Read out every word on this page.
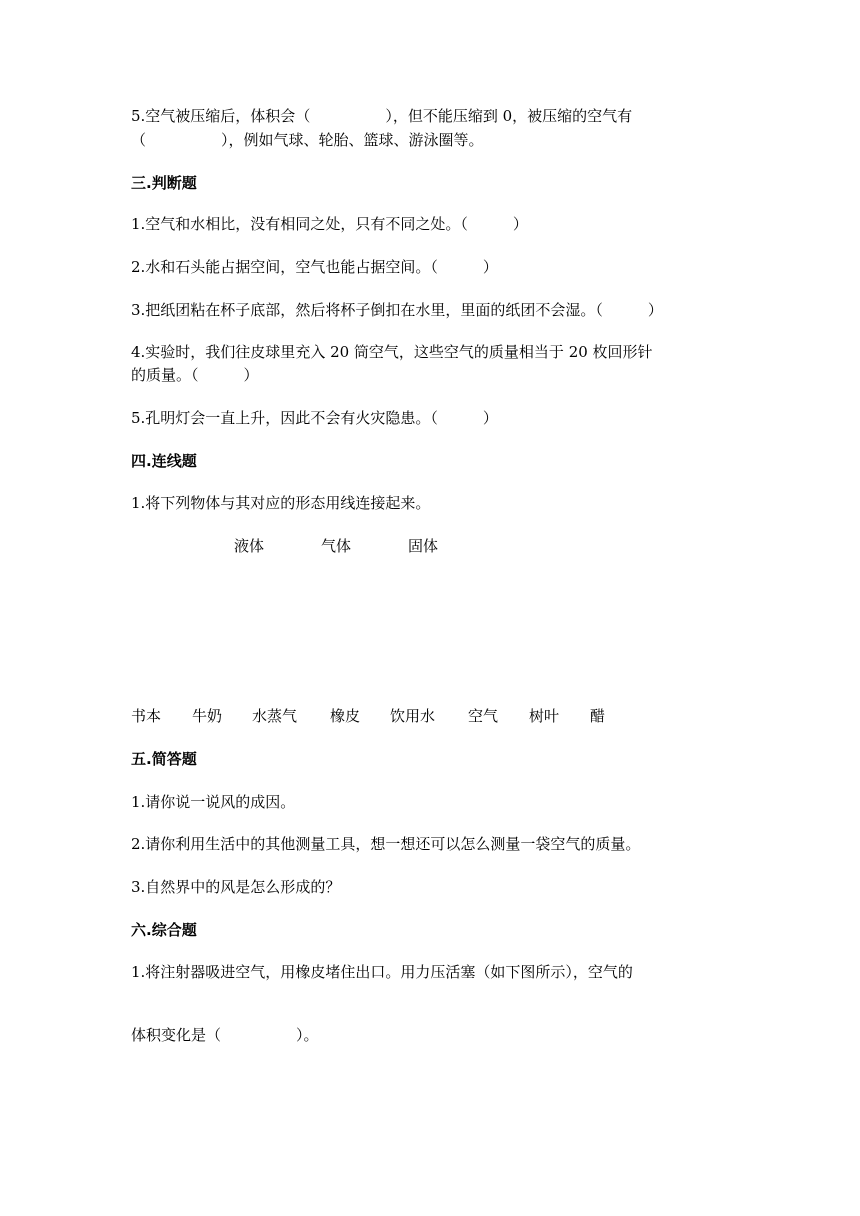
5.空气被压缩后，体积会（　　　　　），但不能压缩到 0，被压缩的空气有
（　　　　　），例如气球、轮胎、篮球、游泳圈等。
三.判断题
1.空气和水相比，没有相同之处，只有不同之处。（　　　）
2.水和石头能占据空间，空气也能占据空间。（　　　）
3.把纸团粘在杯子底部，然后将杯子倒扣在水里，里面的纸团不会湿。（　　　）
4.实验时，我们往皮球里充入 20 筒空气，这些空气的质量相当于 20 枚回形针
的质量。（　　　）
5.孔明灯会一直上升，因此不会有火灾隐患。（　　　）
四.连线题
1.将下列物体与其对应的形态用线连接起来。
液体	气体	固体
书本 牛奶 水蒸气 橡皮 饮用水 空气 树叶 醋
五.简答题
1.请你说一说风的成因。
2.请你利用生活中的其他测量工具，想一想还可以怎么测量一袋空气的质量。
3.自然界中的风是怎么形成的？
六.综合题
1.将注射器吸进空气，用橡皮堵住出口。用力压活塞（如下图所示），空气的
体积变化是（　　　　　）。
